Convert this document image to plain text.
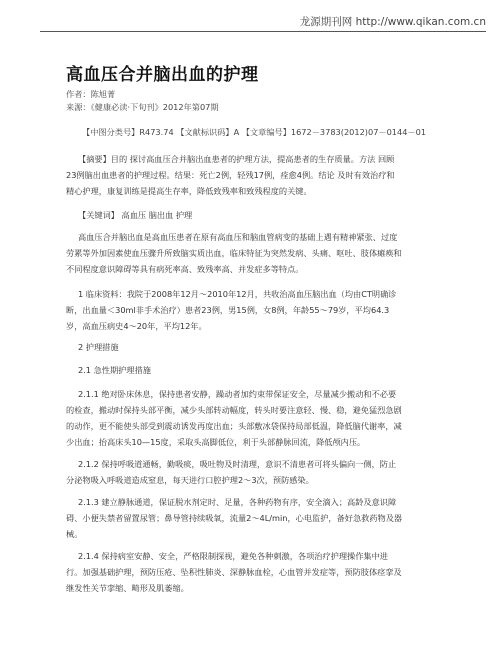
龙源期刊网 http://www.qikan.com.cn
高血压合并脑出血的护理
作者：陈旭菁
来源：《健康必读·下旬刊》2012年第07期
【中图分类号】R473.74 【文献标识码】A 【文章编号】1672－3783(2012)07－0144－01

【摘要】目的 探讨高血压合并脑出血患者的护理方法，提高患者的生存质量。方法 回顾

23例脑出血患者的护理过程。结果：死亡2例，轻残17例，痊愈4例。结论 及时有效治疗和

精心护理，康复训练是提高生存率，降低致残率和致残程度的关键。

【关键词】 高血压 脑出血 护理

高血压合并脑出血是高血压患者在原有高血压和脑血管病变的基础上遇有精神紧张、过度

劳累等外加因素使血压骤升所致脑实质出血，临床特征为突然发病、头痛、呕吐、肢体瘫痪和

不同程度意识障碍等具有病死率高、致残率高、并发症多等特点。

1 临床资料：我院于2008年12月～2010年12月，共收治高血压脑出血（均由CT明确诊

断，出血量＜30ml非手术治疗）患者23例，男15例，女8例，年龄55～79岁，平均64.3

岁，高血压病史4～20年，平均12年。

2 护理措施

2.1 急性期护理措施

2.1.1 绝对卧床休息，保持患者安静，躁动者加约束带保证安全，尽量减少搬动和不必要

的检查，搬动时保持头部平衡，减少头部转动幅度，转头时要注意轻、慢、稳，避免猛烈急剧

的动作，更不能使头部受到震动诱发再度出血；头部敷冰袋保持局部低温，降低脑代谢率，减

少出血；抬高床头10—15度，采取头高脚低位，利于头部静脉回流，降低颅内压。

2.1.2 保持呼吸道通畅，勤吸痰，吸吐物及时清理，意识不清患者可将头偏向一侧，防止

分泌物吸入呼吸道造成窒息，每天进行口腔护理2～3次，预防感染。

2.1.3 建立静脉通道，保证脱水剂定时、足量，各种药物有序，安全滴入；高龄及意识障

碍、小便失禁者留置尿管；鼻导管持续吸氧，流量2～4L/min，心电监护，备好急救药物及器

械。

2.1.4 保持病室安静、安全，严格限制探视，避免各种刺激，各项治疗护理操作集中进

行。加强基础护理，预防压疮、坠积性肺炎、深静脉血栓，心血管并发症等，预防肢体痉挛及

继发性关节挛缩、畸形及肌萎缩。
